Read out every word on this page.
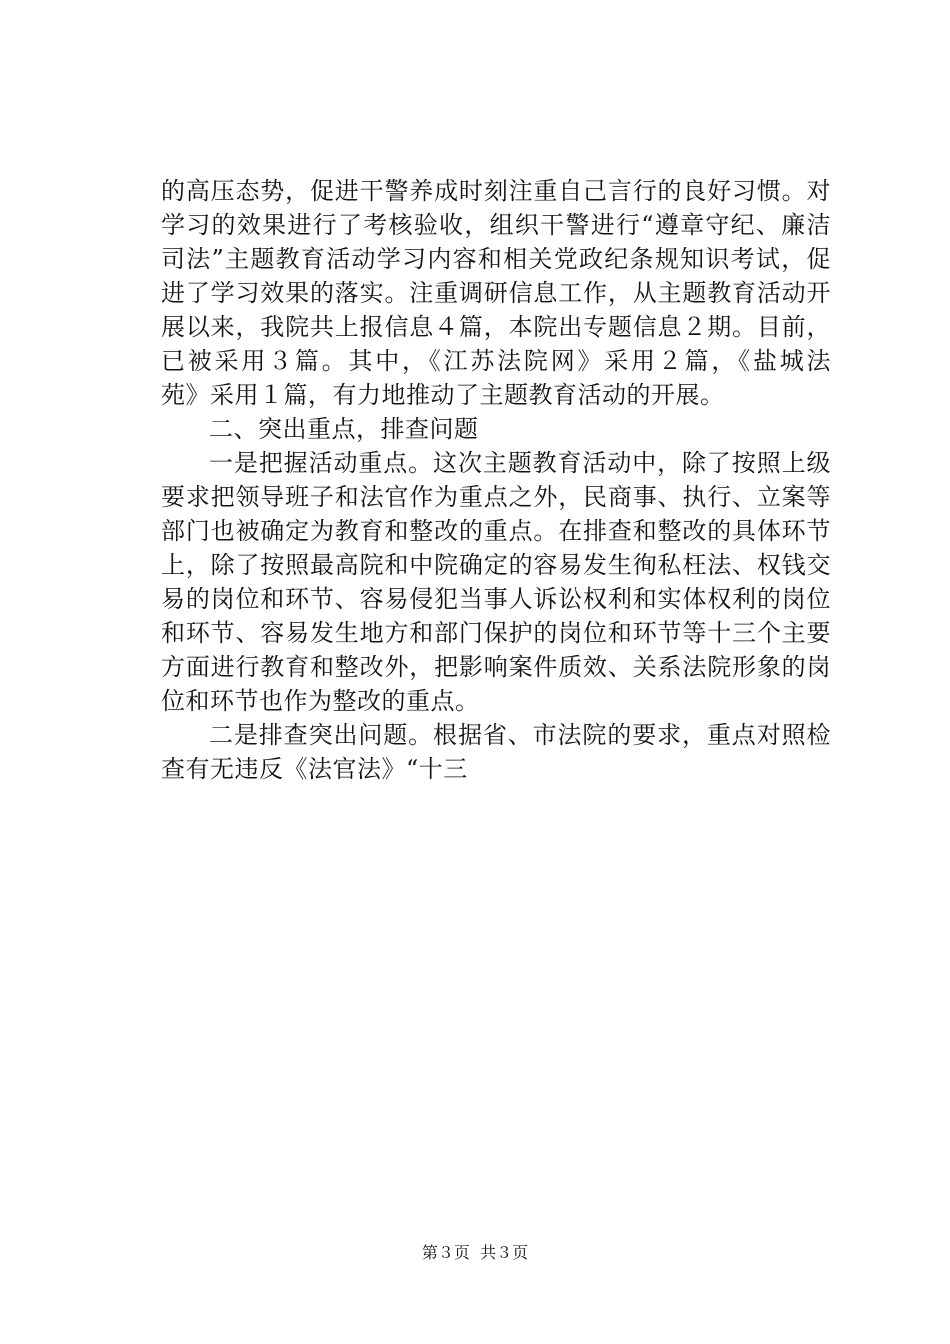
的高压态势，促进干警养成时刻注重自己言行的良好习惯。对
学习的效果进行了考核验收，组织干警进行“遵章守纪、廉洁
司法”主题教育活动学习内容和相关党政纪条规知识考试，促
进了学习效果的落实。注重调研信息工作，从主题教育活动开
展以来，我院共上报信息４篇，本院出专题信息２期。目前，
已被采用３篇。其中，《江苏法院网》采用２篇，《盐城法
苑》采用１篇，有力地推动了主题教育活动的开展。
二、突出重点，排查问题
一是把握活动重点。这次主题教育活动中，除了按照上级
要求把领导班子和法官作为重点之外，民商事、执行、立案等
部门也被确定为教育和整改的重点。在排查和整改的具体环节
上，除了按照最高院和中院确定的容易发生徇私枉法、权钱交
易的岗位和环节、容易侵犯当事人诉讼权利和实体权利的岗位
和环节、容易发生地方和部门保护的岗位和环节等十三个主要
方面进行教育和整改外，把影响案件质效、关系法院形象的岗
位和环节也作为整改的重点。
二是排查突出问题。根据省、市法院的要求，重点对照检
查有无违反《法官法》“十三
第３页  共３页
